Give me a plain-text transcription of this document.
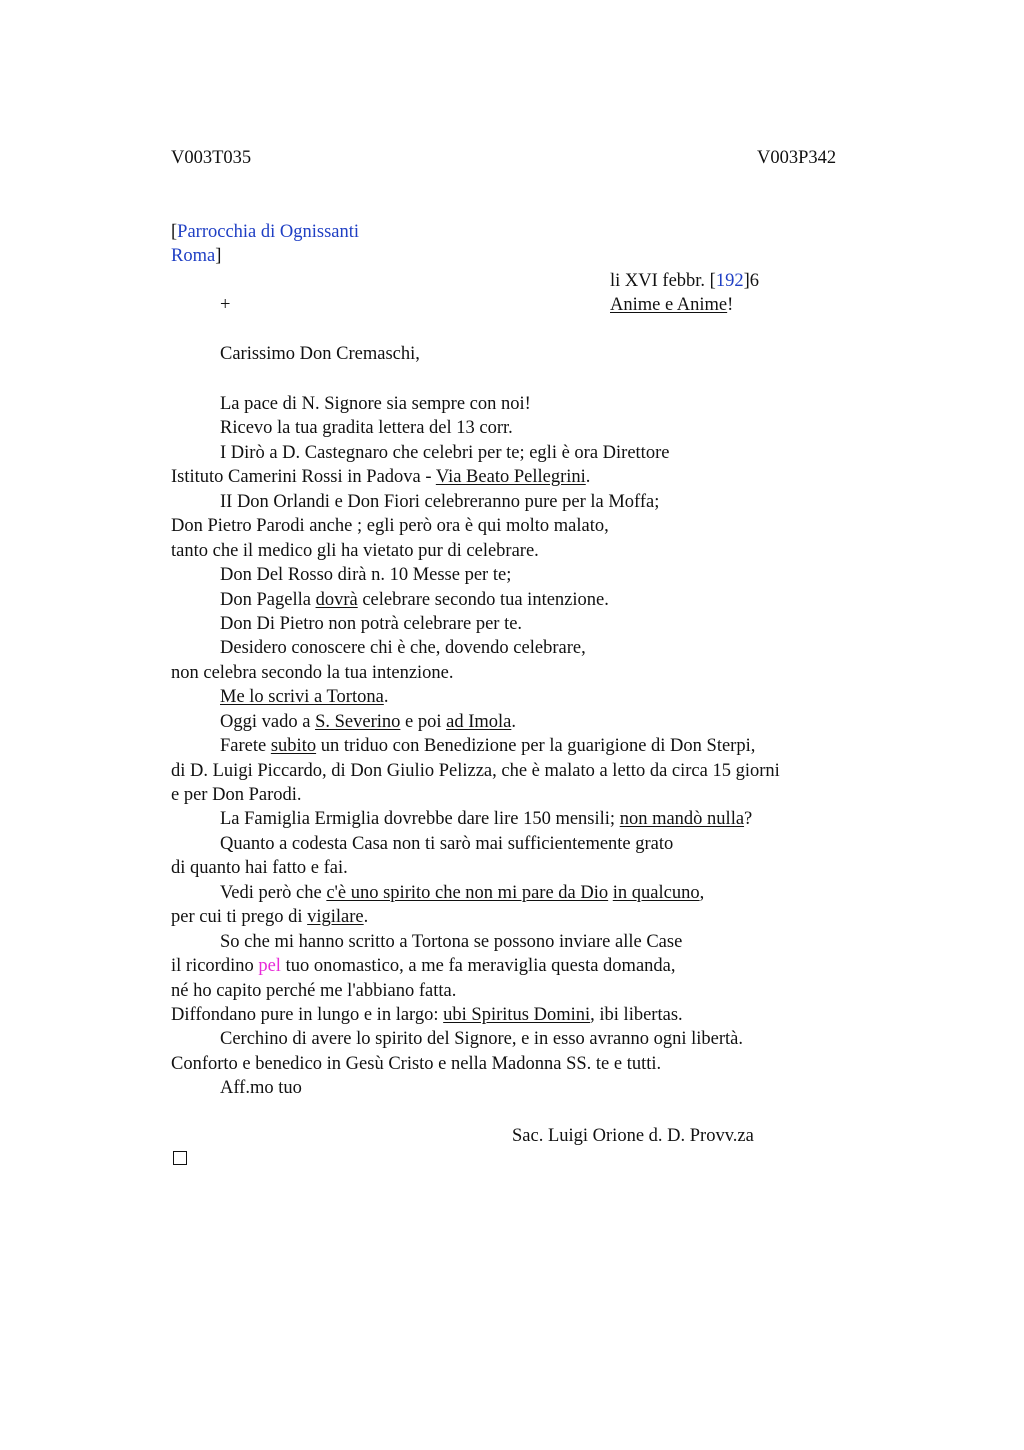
V003T035	V003P342
[Parrocchia di Ognissanti
Roma]
li XVI febbr. [192]6
+	Anime e Anime!
Carissimo Don Cremaschi,
La pace di N. Signore sia sempre con noi!
Ricevo la tua gradita lettera del 13 corr.
I Dirò a D. Castegnaro che celebri per te; egli è ora Direttore
Istituto Camerini Rossi in Padova - Via Beato Pellegrini.
II Don Orlandi e Don Fiori celebreranno pure per la Moffa;
Don Pietro Parodi anche ; egli però ora è qui molto malato,
tanto che il medico gli ha vietato pur di celebrare.
Don Del Rosso dirà n. 10 Messe per te;
Don Pagella dovrà celebrare secondo tua intenzione.
Don Di Pietro non potrà celebrare per te.
Desidero conoscere chi è che, dovendo celebrare,
non celebra secondo la tua intenzione.
Me lo scrivi a Tortona.
Oggi vado a S. Severino e poi ad Imola.
Farete subito un triduo con Benedizione per la guarigione di Don Sterpi,
di D. Luigi Piccardo, di Don Giulio Pelizza, che è malato a letto da circa 15 giorni
e per Don Parodi.
La Famiglia Ermiglia dovrebbe dare lire 150 mensili; non mandò nulla?
Quanto a codesta Casa non ti sarò mai sufficientemente grato
di quanto hai fatto e fai.
Vedi però che c'è uno spirito che non mi pare da Dio in qualcuno,
per cui ti prego di vigilare.
So che mi hanno scritto a Tortona se possono inviare alle Case
il ricordino pel tuo onomastico, a me fa meraviglia questa domanda,
né ho capito perché me l'abbiano fatta.
Diffondano pure in lungo e in largo: ubi Spiritus Domini, ibi libertas.
Cerchino di avere lo spirito del Signore, e in esso avranno ogni libertà.
Conforto e benedico in Gesù Cristo e nella Madonna SS. te e tutti.
Aff.mo tuo
Sac. Luigi Orione d. D. Provv.za
